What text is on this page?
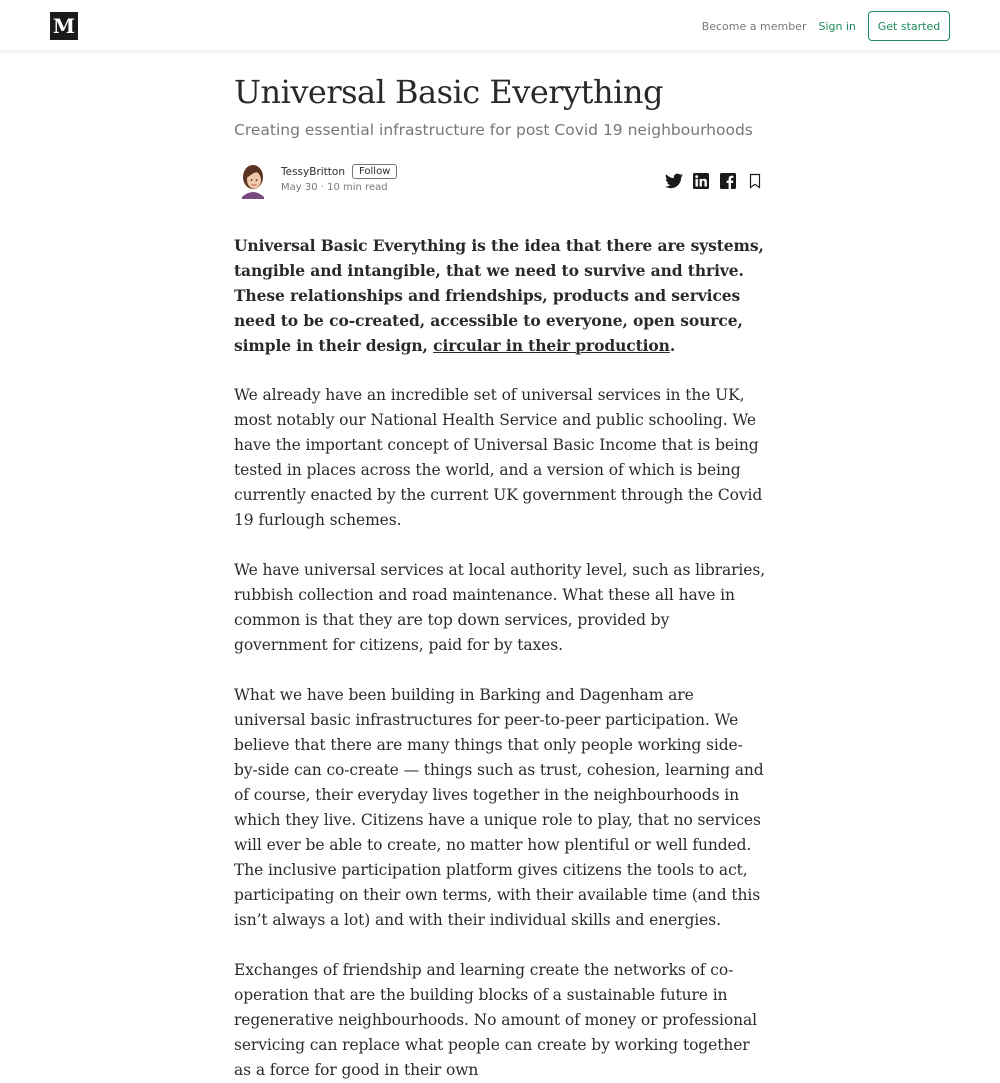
M	Become a member Sign in	Get started
Universal Basic Everything
Creating essential infrastructure for post Covid 19 neighbourhoods
TessyBritton	Follow
May 30 · 10 min read

Universal Basic Everything is the idea that there are systems, tangible and intangible, that we need to survive and thrive. These relationships and friendships, products and services need to be co-created, accessible to everyone, open source, simple in their design, circular in their production.

We already have an incredible set of universal services in the UK, most notably our National Health Service and public schooling. We have the important concept of Universal Basic Income that is being tested in places across the world, and a version of which is being currently enacted by the current UK government through the Covid 19 furlough schemes.

We have universal services at local authority level, such as libraries, rubbish collection and road maintenance. What these all have in common is that they are top down services, provided by government for citizens, paid for by taxes.

What we have been building in Barking and Dagenham are universal basic infrastructures for peer-to-peer participation. We believe that there are many things that only people working side-by-side can co-create — things such as trust, cohesion, learning and of course, their everyday lives together in the neighbourhoods in which they live. Citizens have a unique role to play, that no services will ever be able to create, no matter how plentiful or well funded. The inclusive participation platform gives citizens the tools to act, participating on their own terms, with their available time (and this isn’t always a lot) and with their individual skills and energies.

Exchanges of friendship and learning create the networks of co-operation that are the building blocks of a sustainable future in regenerative neighbourhoods. No amount of money or professional servicing can replace what people can create by working together as a force for good in their own
